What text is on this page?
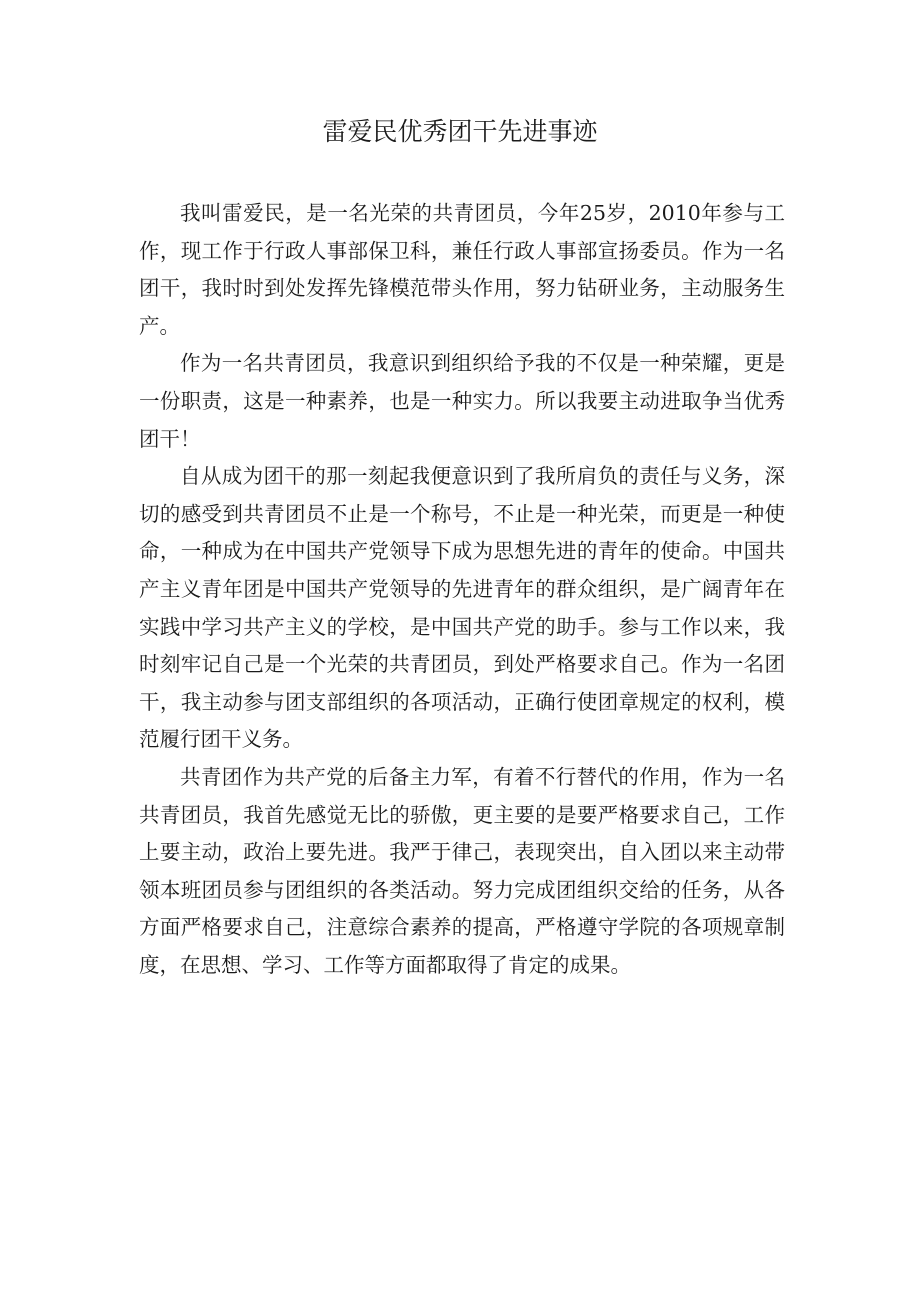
雷爱民优秀团干先进事迹

我叫雷爱民，是一名光荣的共青团员，今年25岁，2010年参与工作，现工作于行政人事部保卫科，兼任行政人事部宣扬委员。作为一名团干，我时时到处发挥先锋模范带头作用，努力钻研业务，主动服务生产。

作为一名共青团员，我意识到组织给予我的不仅是一种荣耀，更是一份职责，这是一种素养，也是一种实力。所以我要主动进取争当优秀团干！

自从成为团干的那一刻起我便意识到了我所肩负的责任与义务，深切的感受到共青团员不止是一个称号，不止是一种光荣，而更是一种使命，一种成为在中国共产党领导下成为思想先进的青年的使命。中国共产主义青年团是中国共产党领导的先进青年的群众组织，是广阔青年在实践中学习共产主义的学校，是中国共产党的助手。参与工作以来，我时刻牢记自己是一个光荣的共青团员，到处严格要求自己。作为一名团干，我主动参与团支部组织的各项活动，正确行使团章规定的权利，模范履行团干义务。

共青团作为共产党的后备主力军，有着不行替代的作用，作为一名共青团员，我首先感觉无比的骄傲，更主要的是要严格要求自己，工作上要主动，政治上要先进。我严于律己，表现突出，自入团以来主动带领本班团员参与团组织的各类活动。努力完成团组织交给的任务，从各方面严格要求自己，注意综合素养的提高，严格遵守学院的各项规章制度，在思想、学习、工作等方面都取得了肯定的成果。
